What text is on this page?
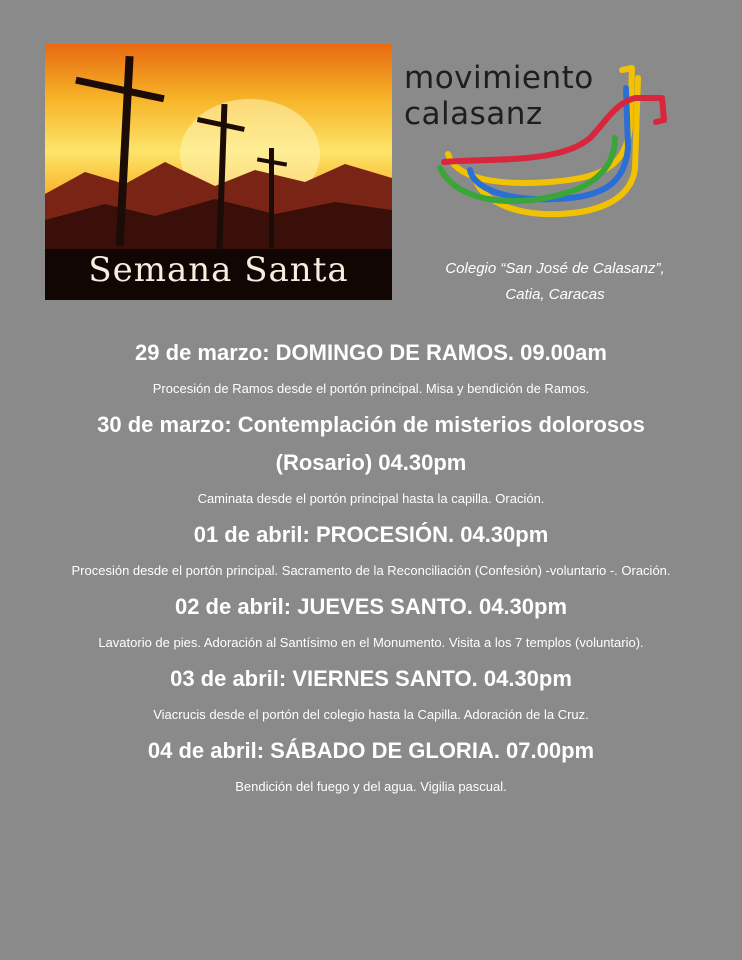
Semana Santa
movimiento
calasanz
Colegio “San José de Calasanz”,
Catia, Caracas
29 de marzo: DOMINGO DE RAMOS. 09.00am
Procesión de Ramos desde el portón principal. Misa y bendición de Ramos.
30 de marzo: Contemplación de misterios dolorosos (Rosario) 04.30pm
Caminata desde el portón principal hasta la capilla. Oración.
01 de abril: PROCESIÓN. 04.30pm
Procesión desde el portón principal. Sacramento de la Reconciliación (Confesión) -voluntario -. Oración.
02 de abril: JUEVES SANTO. 04.30pm
Lavatorio de pies. Adoración al Santísimo en el Monumento. Visita a los 7 templos (voluntario).
03 de abril: VIERNES SANTO. 04.30pm
Viacrucis desde el portón del colegio hasta la Capilla. Adoración de la Cruz.
04 de abril: SÁBADO DE GLORIA. 07.00pm
Bendición del fuego y del agua. Vigilia pascual.
